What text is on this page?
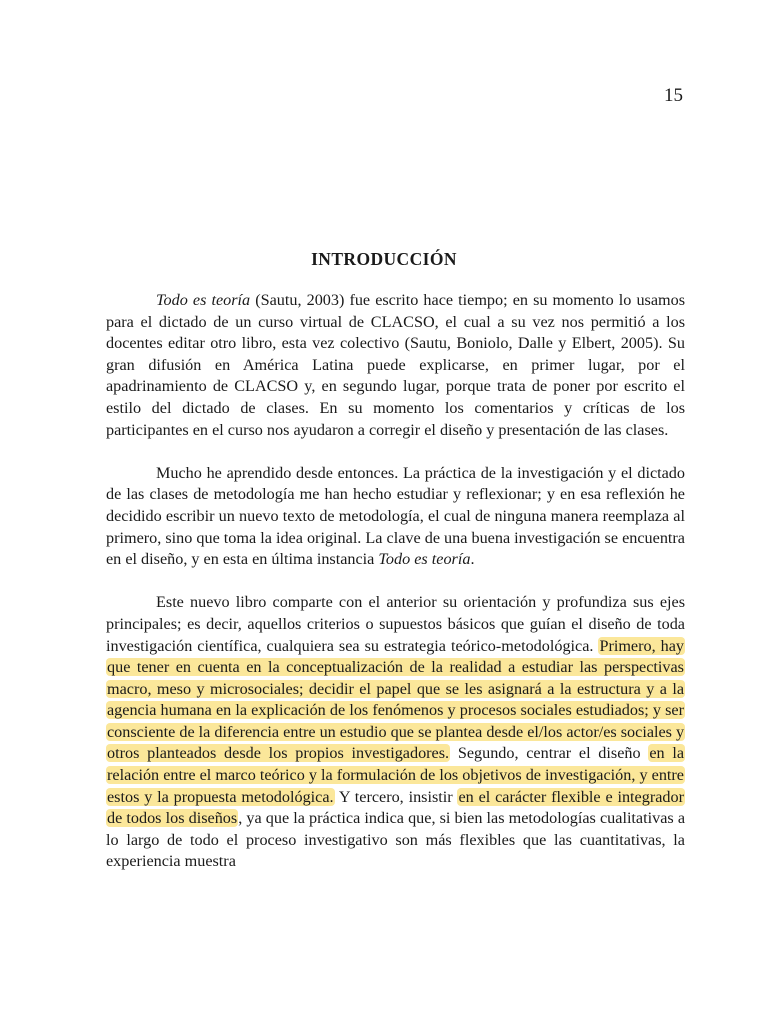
15
INTRODUCCIÓN

Todo es teoría (Sautu, 2003) fue escrito hace tiempo; en su momento lo usamos para el dictado de un curso virtual de CLACSO, el cual a su vez nos permitió a los docentes editar otro libro, esta vez colectivo (Sautu, Boniolo, Dalle y Elbert, 2005). Su gran difusión en América Latina puede explicarse, en primer lugar, por el apadrinamiento de CLACSO y, en segundo lugar, porque trata de poner por escrito el estilo del dictado de clases. En su momento los comentarios y críticas de los participantes en el curso nos ayudaron a corregir el diseño y presentación de las clases.

Mucho he aprendido desde entonces. La práctica de la investigación y el dictado de las clases de metodología me han hecho estudiar y reflexionar; y en esa reflexión he decidido escribir un nuevo texto de metodología, el cual de ninguna manera reemplaza al primero, sino que toma la idea original. La clave de una buena investigación se encuentra en el diseño, y en esta en última instancia Todo es teoría.

Este nuevo libro comparte con el anterior su orientación y profundiza sus ejes principales; es decir, aquellos criterios o supuestos básicos que guían el diseño de toda investigación científica, cualquiera sea su estrategia teórico-metodológica. Primero, hay que tener en cuenta en la conceptualización de la realidad a estudiar las perspectivas macro, meso y microsociales; decidir el papel que se les asignará a la estructura y a la agencia humana en la explicación de los fenómenos y procesos sociales estudiados; y ser consciente de la diferencia entre un estudio que se plantea desde el/los actor/es sociales y otros planteados desde los propios investigadores. Segundo, centrar el diseño en la relación entre el marco teórico y la formulación de los objetivos de investigación, y entre estos y la propuesta metodológica. Y tercero, insistir en el carácter flexible e integrador de todos los diseños, ya que la práctica indica que, si bien las metodologías cualitativas a lo largo de todo el proceso investigativo son más flexibles que las cuantitativas, la experiencia muestra
